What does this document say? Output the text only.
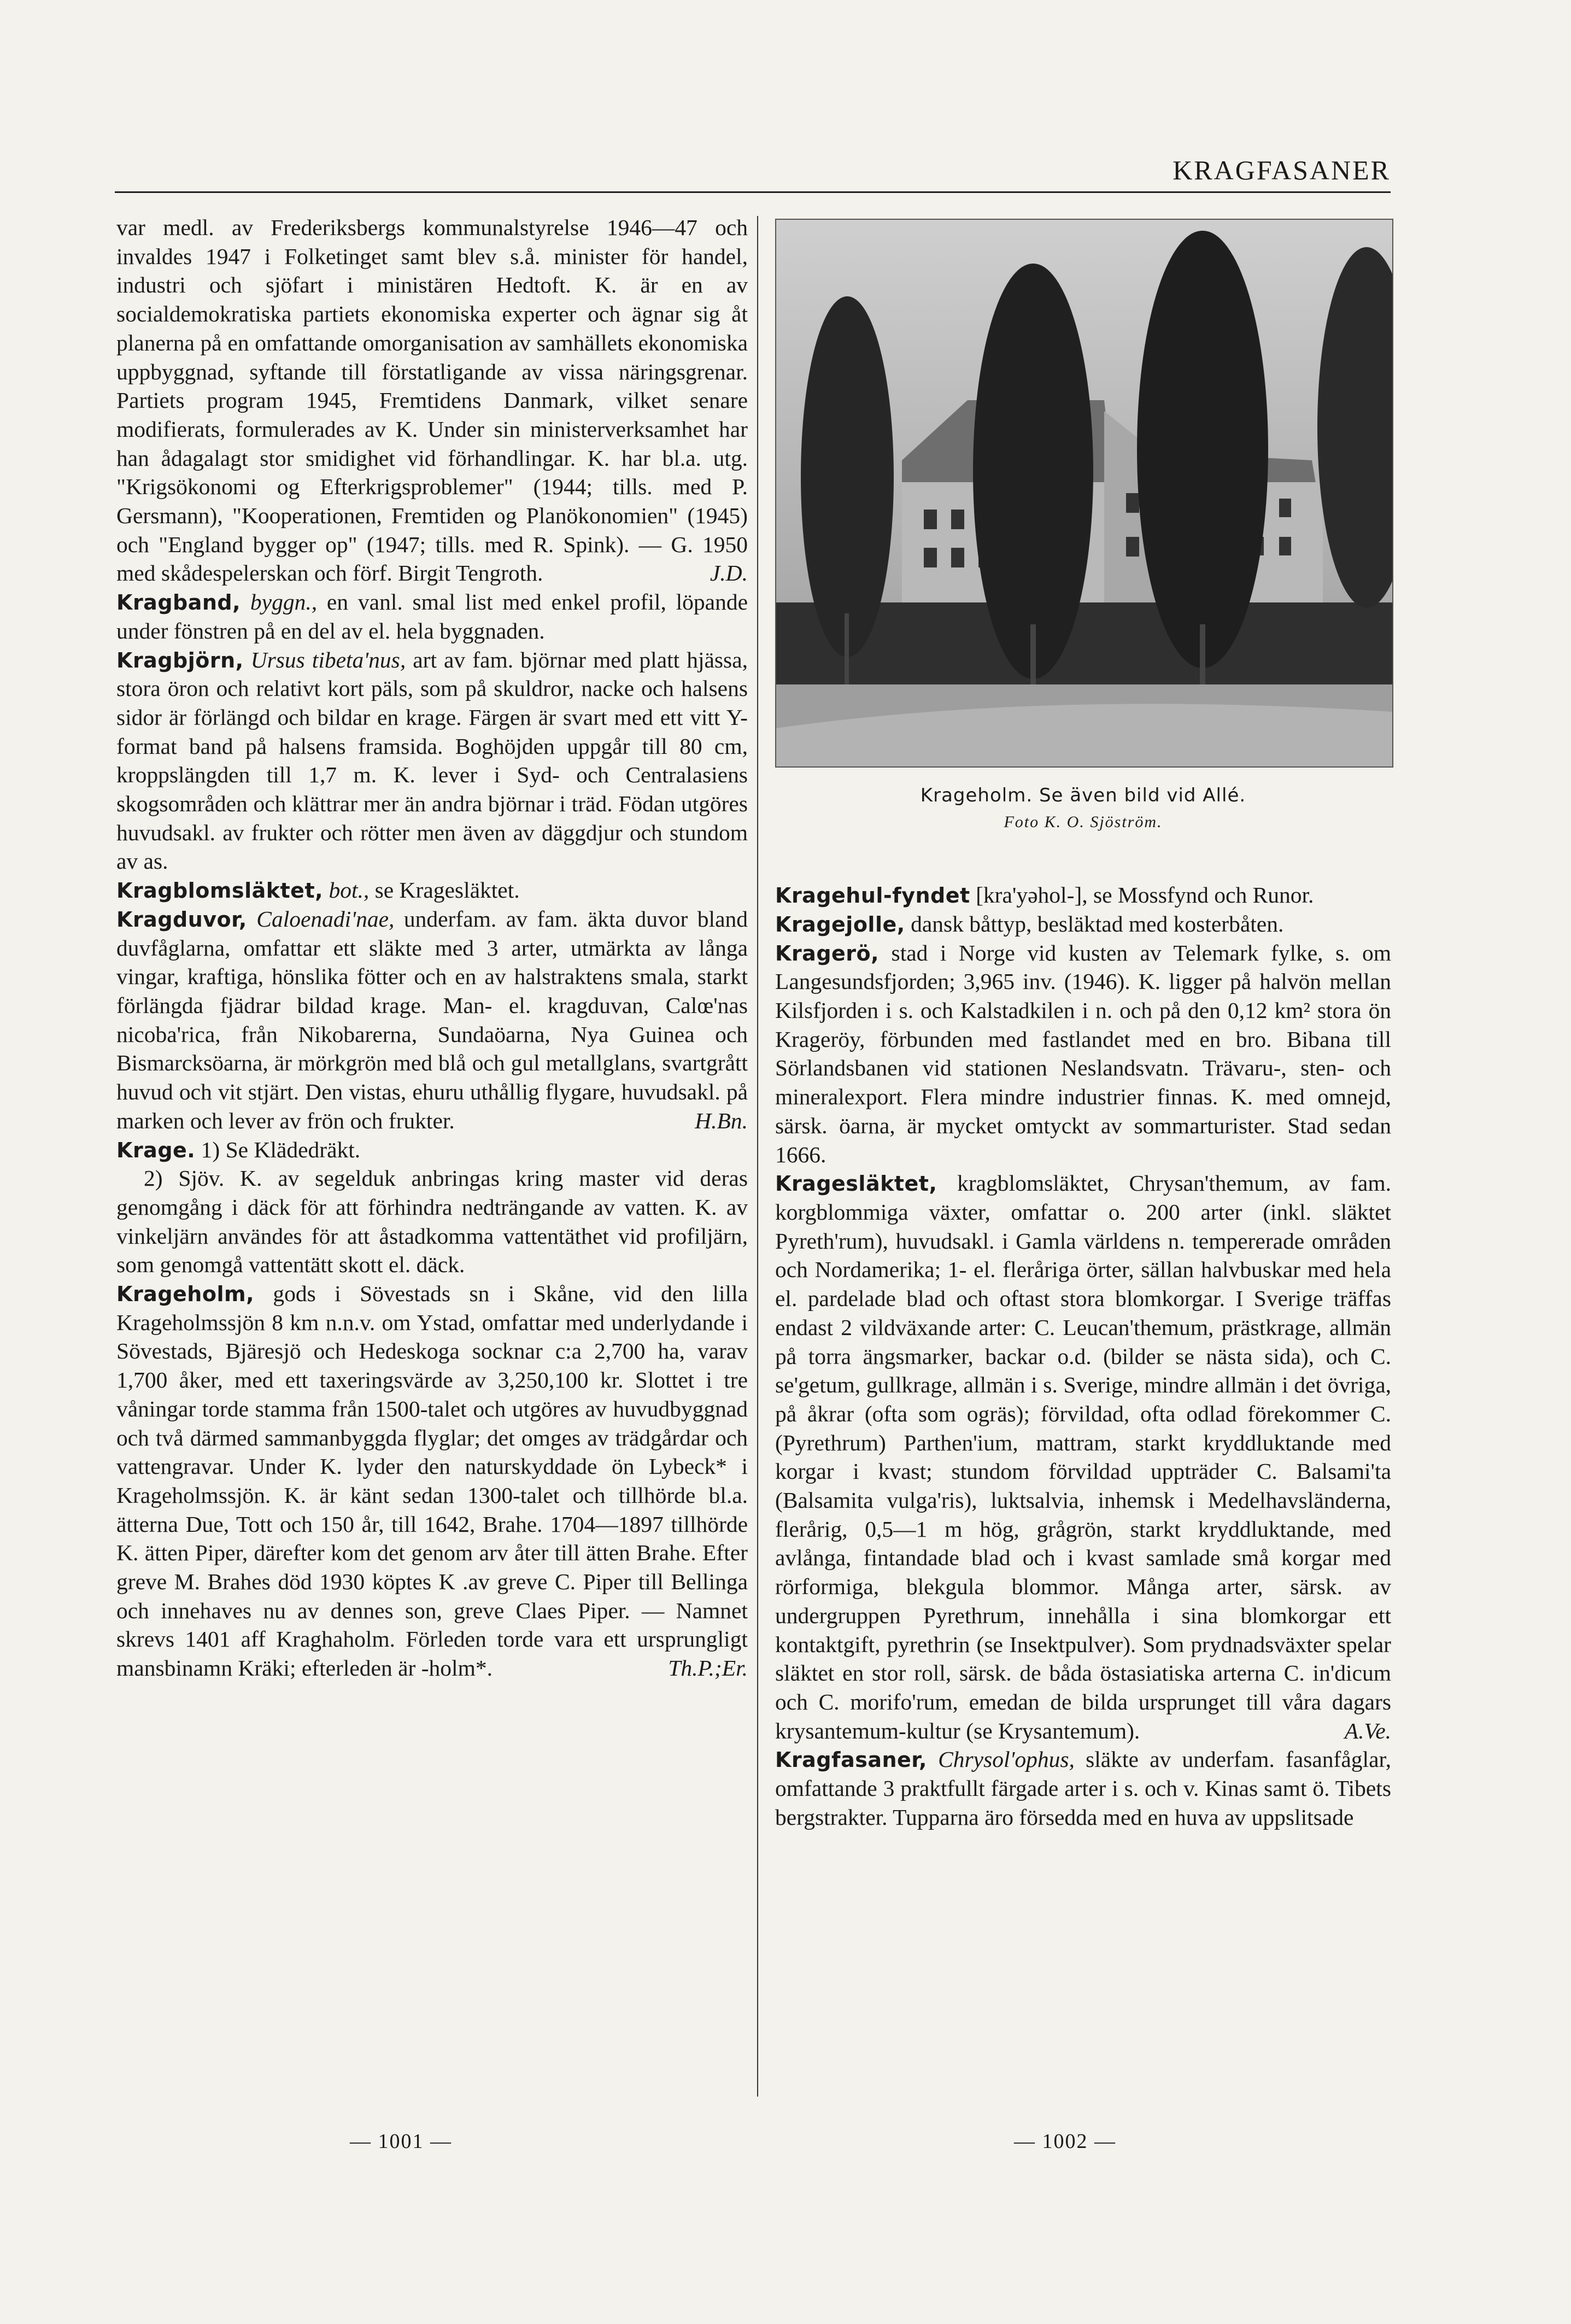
KRAGFASANER

var medl. av Frederiksbergs kommunalstyrelse 1946—47 och invaldes 1947 i Folketinget samt blev s.å. minister för handel, industri och sjöfart i ministären Hedtoft. K. är en av socialdemokratiska partiets ekonomiska experter och ägnar sig åt planerna på en omfattande omorganisation av samhällets ekonomiska uppbyggnad, syftande till förstatligande av vissa näringsgrenar. Partiets program 1945, Fremtidens Danmark, vilket senare modifierats, formulerades av K. Under sin ministerverksamhet har han ådagalagt stor smidighet vid förhandlingar. K. har bl.a. utg. "Krigsökonomi og Efterkrigsproblemer" (1944; tills. med P. Gersmann), "Kooperationen, Fremtiden og Planökonomien" (1945) och "England bygger op" (1947; tills. med R. Spink). — G. 1950 med skådespelerskan och förf. Birgit Tengroth.	J.D.

Kragband, byggn., en vanl. smal list med enkel profil, löpande under fönstren på en del av el. hela byggnaden.

Kragbjörn, Ursus tibeta'nus, art av fam. björnar med platt hjässa, stora öron och relativt kort päls, som på skuldror, nacke och halsens sidor är förlängd och bildar en krage. Färgen är svart med ett vitt Y-format band på halsens framsida. Boghöjden uppgår till 80 cm, kroppslängden till 1,7 m. K. lever i Syd- och Centralasiens skogsområden och klättrar mer än andra björnar i träd. Födan utgöres huvudsakl. av frukter och rötter men även av däggdjur och stundom av as.

Kragblomsläktet, bot., se Kragesläktet.

Kragduvor, Caloenadi'nae, underfam. av fam. äkta duvor bland duvfåglarna, omfattar ett släkte med 3 arter, utmärkta av långa vingar, kraftiga, hönslika fötter och en av halstraktens smala, starkt förlängda fjädrar bildad krage. Man- el. kragduvan, Calœ'nas nicoba'rica, från Nikobarerna, Sundaöarna, Nya Guinea och Bismarcksöarna, är mörkgrön med blå och gul metallglans, svartgrått huvud och vit stjärt. Den vistas, ehuru uthållig flygare, huvudsakl. på marken och lever av frön och frukter.	H.Bn.

Krage. 1) Se Klädedräkt.

2) Sjöv. K. av segelduk anbringas kring master vid deras genomgång i däck för att förhindra nedträngande av vatten. K. av vinkeljärn användes för att åstadkomma vattentäthet vid profiljärn, som genomgå vattentätt skott el. däck.

Krageholm, gods i Sövestads sn i Skåne, vid den lilla Krageholmssjön 8 km n.n.v. om Ystad, omfattar med underlydande i Sövestads, Bjäresjö och Hedeskoga socknar c:a 2,700 ha, varav 1,700 åker, med ett taxeringsvärde av 3,250,100 kr. Slottet i tre våningar torde stamma från 1500-talet och utgöres av huvudbyggnad och två därmed sammanbyggda flyglar; det omges av trädgårdar och vattengravar. Under K. lyder den naturskyddade ön Lybeck* i Krageholmssjön. K. är känt sedan 1300-talet och tillhörde bl.a. ätterna Due, Tott och 150 år, till 1642, Brahe. 1704—1897 tillhörde K. ätten Piper, därefter kom det genom arv åter till ätten Brahe. Efter greve M. Brahes död 1930 köptes K .av greve C. Piper till Bellinga och innehaves nu av dennes son, greve Claes Piper. — Namnet skrevs 1401 aff Kraghaholm. Förleden torde vara ett ursprungligt mansbinamn Kräki; efterleden är -holm*.	Th.P.;Er.

Krageholm. Se även bild vid Allé.
Foto K. O. Sjöström.

Kragehul-fyndet [kra'yəhol-], se Mossfynd och Runor.

Kragejolle, dansk båttyp, besläktad med kosterbåten.

Kragerö, stad i Norge vid kusten av Telemark fylke, s. om Langesundsfjorden; 3,965 inv. (1946). K. ligger på halvön mellan Kilsfjorden i s. och Kalstadkilen i n. och på den 0,12 km² stora ön Krageröy, förbunden med fastlandet med en bro. Bibana till Sörlandsbanen vid stationen Neslandsvatn. Trävaru-, sten- och mineralexport. Flera mindre industrier finnas. K. med omnejd, särsk. öarna, är mycket omtyckt av sommarturister. Stad sedan 1666.

Kragesläktet, kragblomsläktet, Chrysan'themum, av fam. korgblommiga växter, omfattar o. 200 arter (inkl. släktet Pyreth'rum), huvudsakl. i Gamla världens n. tempererade områden och Nordamerika; 1- el. fleråriga örter, sällan halvbuskar med hela el. pardelade blad och oftast stora blomkorgar. I Sverige träffas endast 2 vildväxande arter: C. Leucan'themum, prästkrage, allmän på torra ängsmarker, backar o.d. (bilder se nästa sida), och C. se'getum, gullkrage, allmän i s. Sverige, mindre allmän i det övriga, på åkrar (ofta som ogräs); förvildad, ofta odlad förekommer C. (Pyrethrum) Parthen'ium, mattram, starkt kryddluktande med korgar i kvast; stundom förvildad uppträder C. Balsami'ta (Balsamita vulga'ris), luktsalvia, inhemsk i Medelhavsländerna, flerårig, 0,5—1 m hög, grågrön, starkt kryddluktande, med avlånga, fintandade blad och i kvast samlade små korgar med rörformiga, blekgula blommor. Många arter, särsk. av undergruppen Pyrethrum, innehålla i sina blomkorgar ett kontaktgift, pyrethrin (se Insektpulver). Som prydnadsväxter spelar släktet en stor roll, särsk. de båda östasiatiska arterna C. in'dicum och C. morifo'rum, emedan de bilda ursprunget till våra dagars krysantemum-kultur (se Krysantemum).	A.Ve.

Kragfasaner, Chrysol'ophus, släkte av underfam. fasanfåglar, omfattande 3 praktfullt färgade arter i s. och v. Kinas samt ö. Tibets bergstrakter. Tupparna äro försedda med en huva av uppslitsade

— 1001 —	— 1002 —
